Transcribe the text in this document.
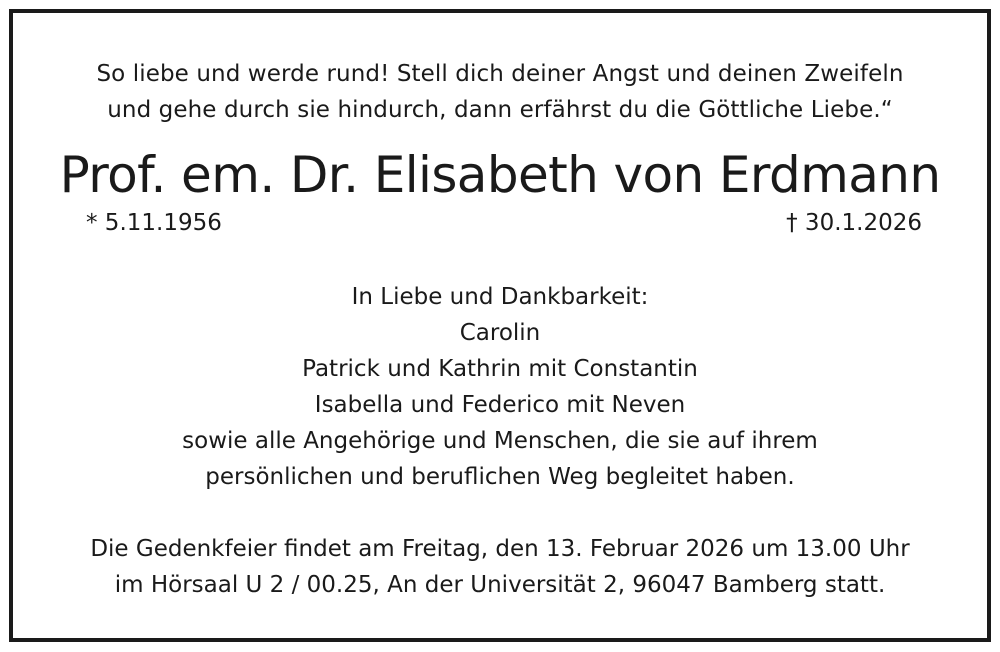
So liebe und werde rund! Stell dich deiner Angst und deinen Zweifeln
und gehe durch sie hindurch, dann erfährst du die Göttliche Liebe.“
Prof. em. Dr. Elisabeth von Erdmann
* 5.11.1956	† 30.1.2026
In Liebe und Dankbarkeit:
Carolin
Patrick und Kathrin mit Constantin
Isabella und Federico mit Neven
sowie alle Angehörige und Menschen, die sie auf ihrem
persönlichen und beruflichen Weg begleitet haben.
Die Gedenkfeier findet am Freitag, den 13. Februar 2026 um 13.00 Uhr
im Hörsaal U 2 / 00.25, An der Universität 2, 96047 Bamberg statt.
